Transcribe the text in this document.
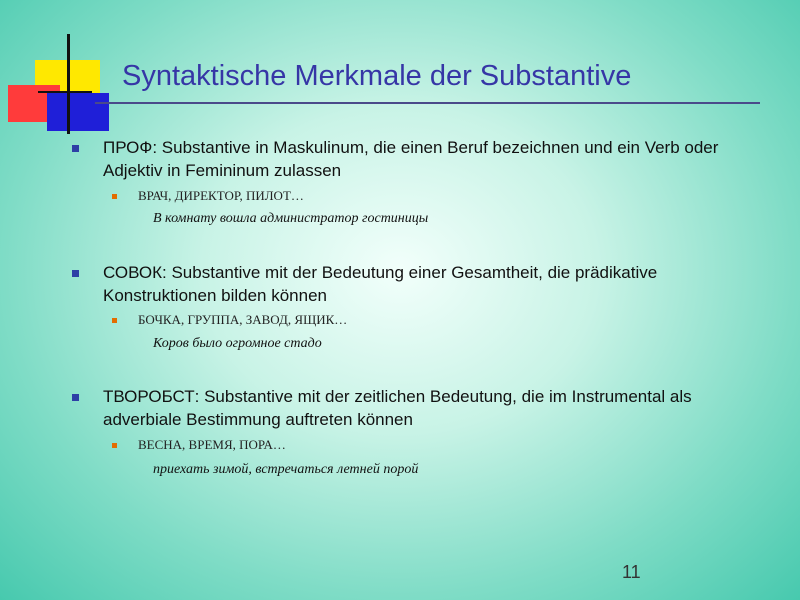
Syntaktische Merkmale der Substantive
ПРОФ: Substantive in Maskulinum, die einen Beruf bezeichnen und ein Verb oder Adjektiv in Femininum zulassen
ВРАЧ, ДИРЕКТОР, ПИЛОТ…
В комнату вошла администратор гостиницы
СОВОК: Substantive mit der Bedeutung einer Gesamtheit, die prädikative Konstruktionen bilden können
БОЧКА, ГРУППА, ЗАВОД, ЯЩИК…
Коров было огромное стадо
ТВОРОБСТ: Substantive mit der zeitlichen Bedeutung, die im Instrumental als adverbiale Bestimmung auftreten können
ВЕСНА, ВРЕМЯ, ПОРА…
приехать зимой, встречаться летней порой
11
